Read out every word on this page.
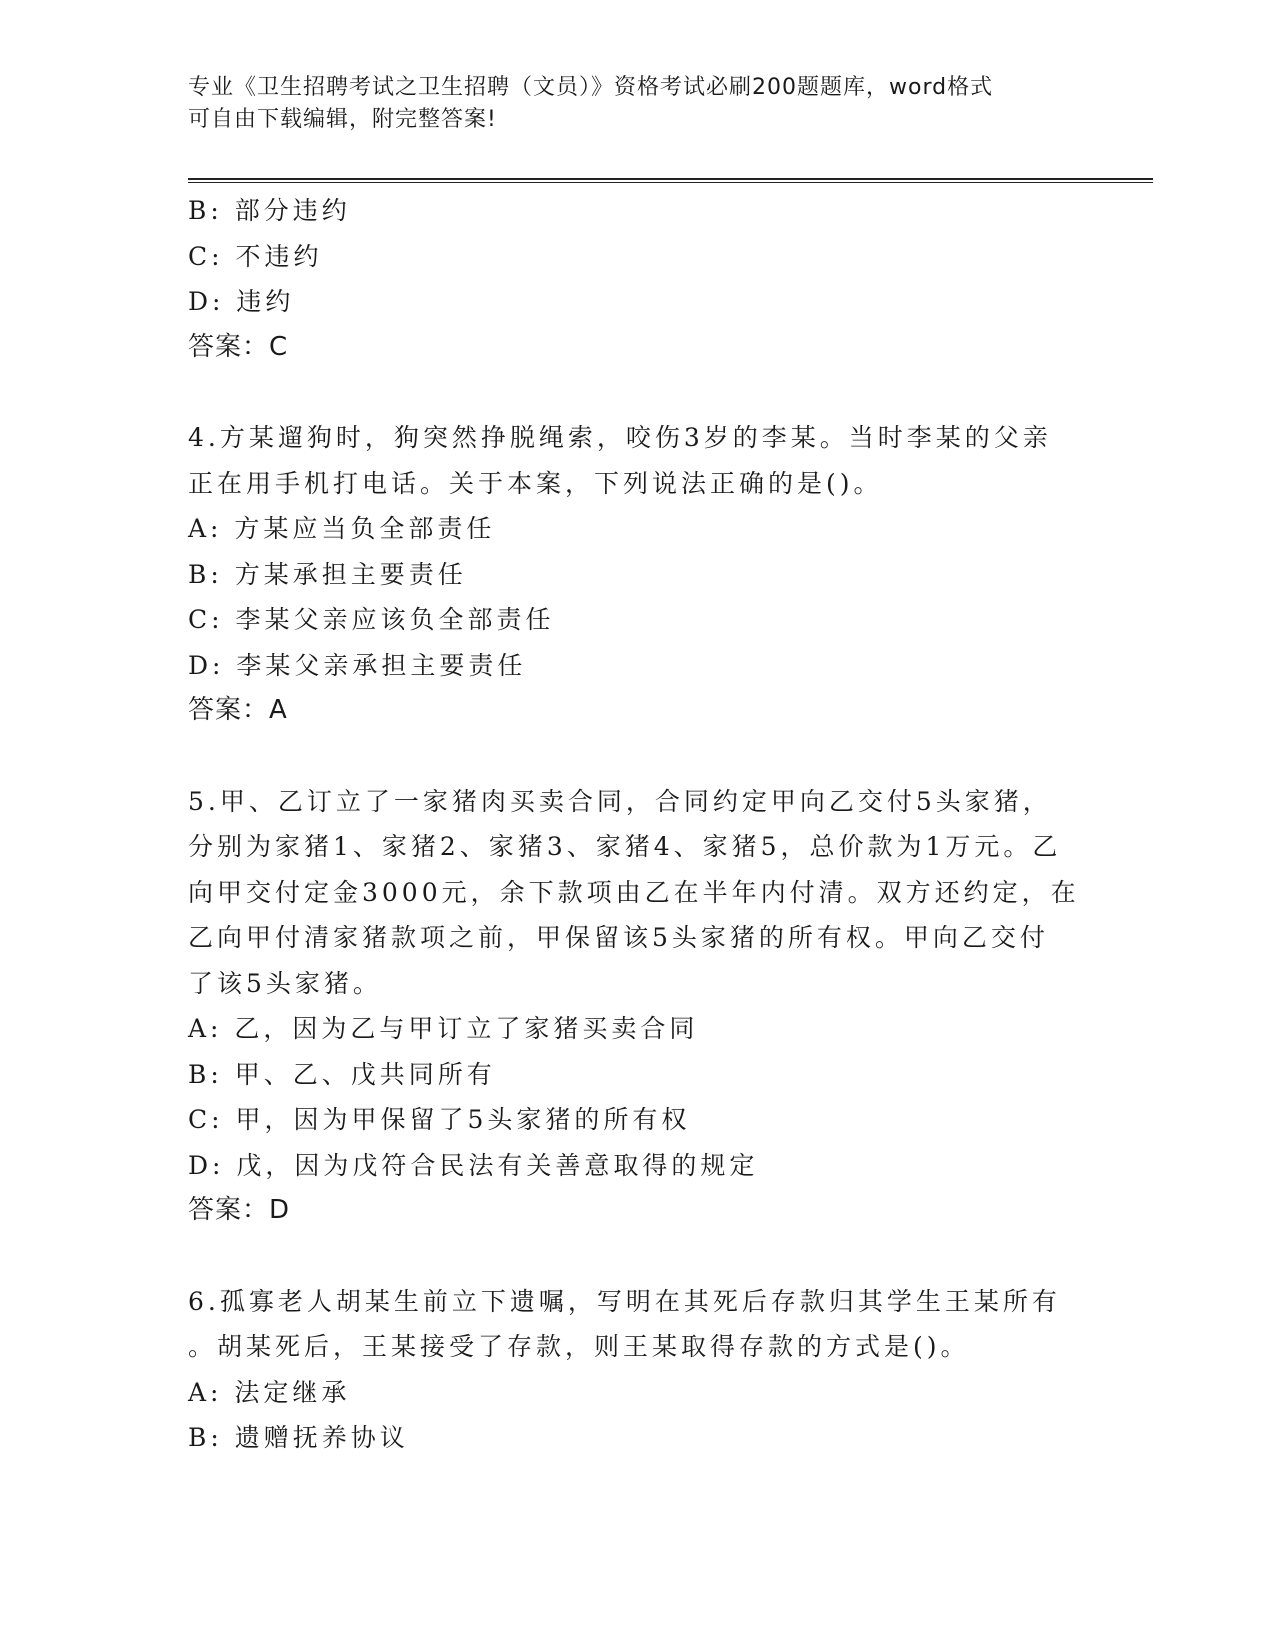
专业《卫生招聘考试之卫生招聘（文员）》资格考试必刷200题题库，word格式
可自由下载编辑，附完整答案!
B: 部分违约
C: 不违约
D: 违约
答案：C
4.方某遛狗时，狗突然挣脱绳索，咬伤3岁的李某。当时李某的父亲
正在用手机打电话。关于本案，下列说法正确的是()。
A: 方某应当负全部责任
B: 方某承担主要责任
C: 李某父亲应该负全部责任
D: 李某父亲承担主要责任
答案：A
5.甲、乙订立了一家猪肉买卖合同，合同约定甲向乙交付5头家猪，
分别为家猪1、家猪2、家猪3、家猪4、家猪5，总价款为1万元。乙
向甲交付定金3000元，余下款项由乙在半年内付清。双方还约定，在
乙向甲付清家猪款项之前，甲保留该5头家猪的所有权。甲向乙交付
了该5头家猪。
A: 乙，因为乙与甲订立了家猪买卖合同
B: 甲、乙、戊共同所有
C: 甲，因为甲保留了5头家猪的所有权
D: 戊，因为戊符合民法有关善意取得的规定
答案：D
6.孤寡老人胡某生前立下遗嘱，写明在其死后存款归其学生王某所有
。胡某死后，王某接受了存款，则王某取得存款的方式是()。
A: 法定继承
B: 遗赠抚养协议
